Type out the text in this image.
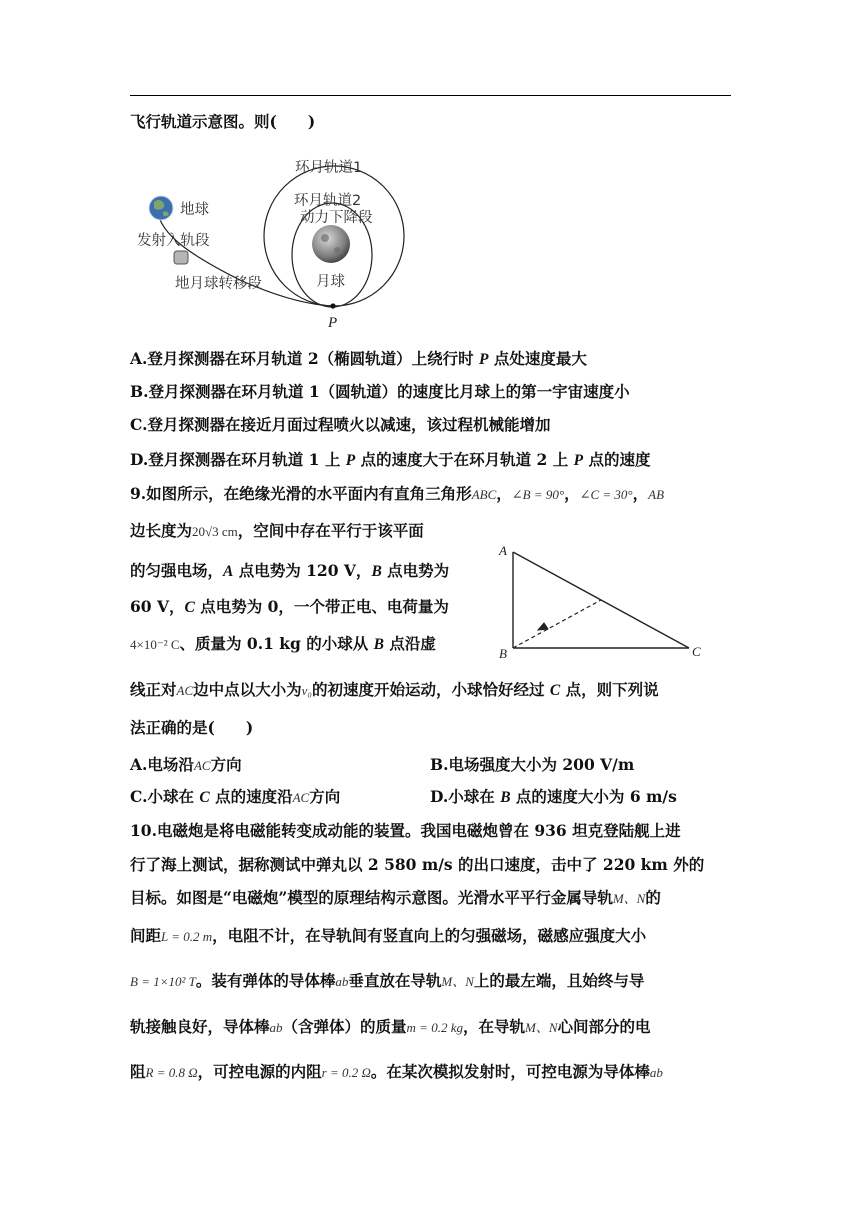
飞行轨道示意图。则(　　)
环月轨道1
环月轨道2
动力下降段
地球
发射入轨段
地月球转移段	月球
P
A.登月探测器在环月轨道 2（椭圆轨道）上绕行时 P 点处速度最大
B.登月探测器在环月轨道 1（圆轨道）的速度比月球上的第一宇宙速度小
C.登月探测器在接近月面过程喷火以减速，该过程机械能增加
D.登月探测器在环月轨道 1 上 P 点的速度大于在环月轨道 2 上 P 点的速度
9.如图所示，在绝缘光滑的水平面内有直角三角形ABC，∠B = 90°，∠C = 30°，AB
边长度为20√3 cm，空间中存在平行于该平面
的匀强电场，A 点电势为 120 V，B 点电势为
60 V，C 点电势为 0，一个带正电、电荷量为
4×10⁻² C、质量为 0.1 kg 的小球从 B 点沿虚
A
B	C
线正对AC边中点以大小为v₀的初速度开始运动，小球恰好经过 C 点，则下列说
法正确的是(　　)
A.电场沿AC方向	B.电场强度大小为 200 V/m
C.小球在 C 点的速度沿AC方向	D.小球在 B 点的速度大小为 6 m/s
10.电磁炮是将电磁能转变成动能的装置。我国电磁炮曾在 936 坦克登陆舰上进
行了海上测试，据称测试中弹丸以 2 580 m/s 的出口速度，击中了 220 km 外的
目标。如图是“电磁炮”模型的原理结构示意图。光滑水平平行金属导轨M、N的
间距L = 0.2 m，电阻不计，在导轨间有竖直向上的匀强磁场，磁感应强度大小
B = 1×10² T。装有弹体的导体棒ab垂直放在导轨M、N上的最左端，且始终与导
轨接触良好，导体棒ab（含弹体）的质量m = 0.2 kg，在导轨M、N心间部分的电
阻R = 0.8 Ω，可控电源的内阻r = 0.2 Ω。在某次模拟发射时，可控电源为导体棒ab
